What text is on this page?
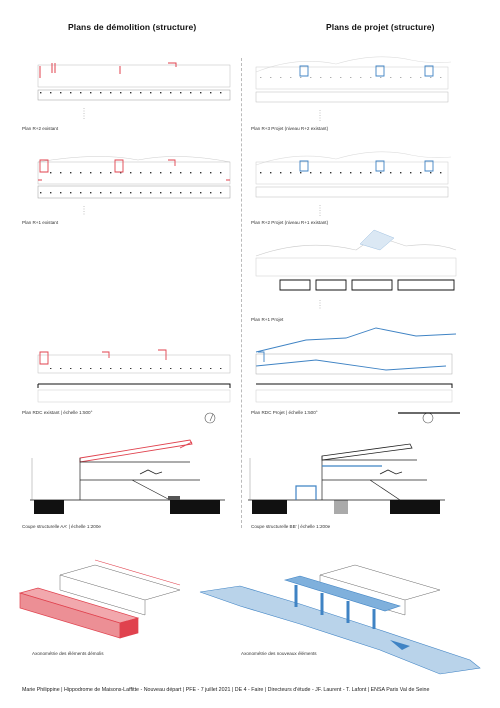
Plans de démolition (structure)	Plans de projet (structure)
Plan R+2 existant
Plan R+1 existant
Plan RDC existant | échelle 1:500°
Coupe structurelle AA' | échelle 1:200e
Axonométrie des éléments démolis
Plan R+3 Projet (niveau R+2 existant)
Plan R+2 Projet (niveau R+1 existant)
Plan R+1 Projet
Plan RDC Projet | échelle 1:500°
Coupe structurelle BB' | échelle 1:200e
Axonométrie des nouveaux éléments
Marie Philippine | Hippodrome de Maisons-Laffitte - Nouveau départ | PFE - 7 juillet 2021 | DE 4 - Faire | Directeurs d'étude - JF. Laurent - T. Lafont | ENSA Paris Val de Seine
